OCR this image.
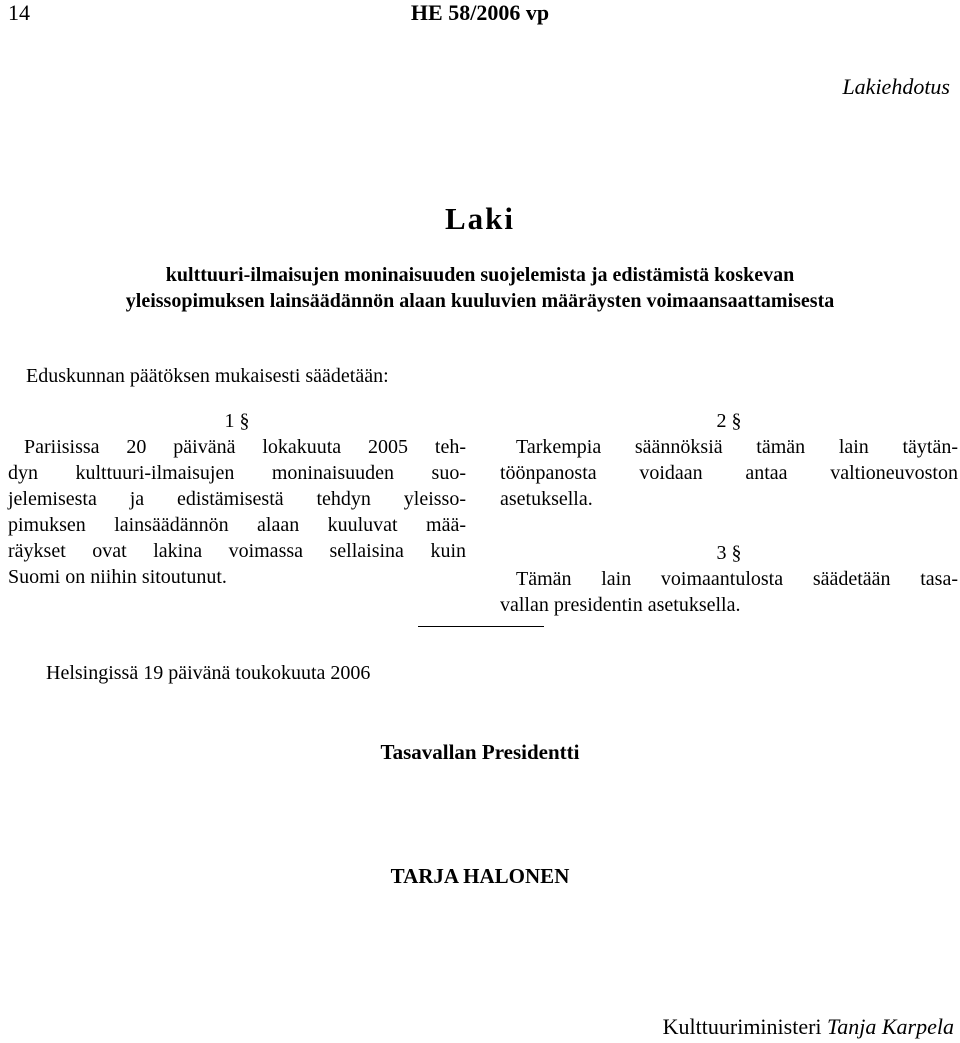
14	HE 58/2006 vp
Lakiehdotus
Laki
kulttuuri-ilmaisujen moninaisuuden suojelemista ja edistämistä koskevan
yleissopimuksen lainsäädännön alaan kuuluvien määräysten voimaansaattamisesta
Eduskunnan päätöksen mukaisesti säädetään:
1 §
Pariisissa 20 päivänä lokakuuta 2005 teh-
dyn kulttuuri-ilmaisujen moninaisuuden suo-
jelemisesta ja edistämisestä tehdyn yleisso-
pimuksen lainsäädännön alaan kuuluvat mää-
räykset ovat lakina voimassa sellaisina kuin
Suomi on niihin sitoutunut.
2 §
Tarkempia säännöksiä tämän lain täytän-
töönpanosta voidaan antaa valtioneuvoston
asetuksella.
3 §
Tämän lain voimaantulosta säädetään tasa-
vallan presidentin asetuksella.
Helsingissä 19 päivänä toukokuuta 2006
Tasavallan Presidentti
TARJA HALONEN
Kulttuuriministeri Tanja Karpela
